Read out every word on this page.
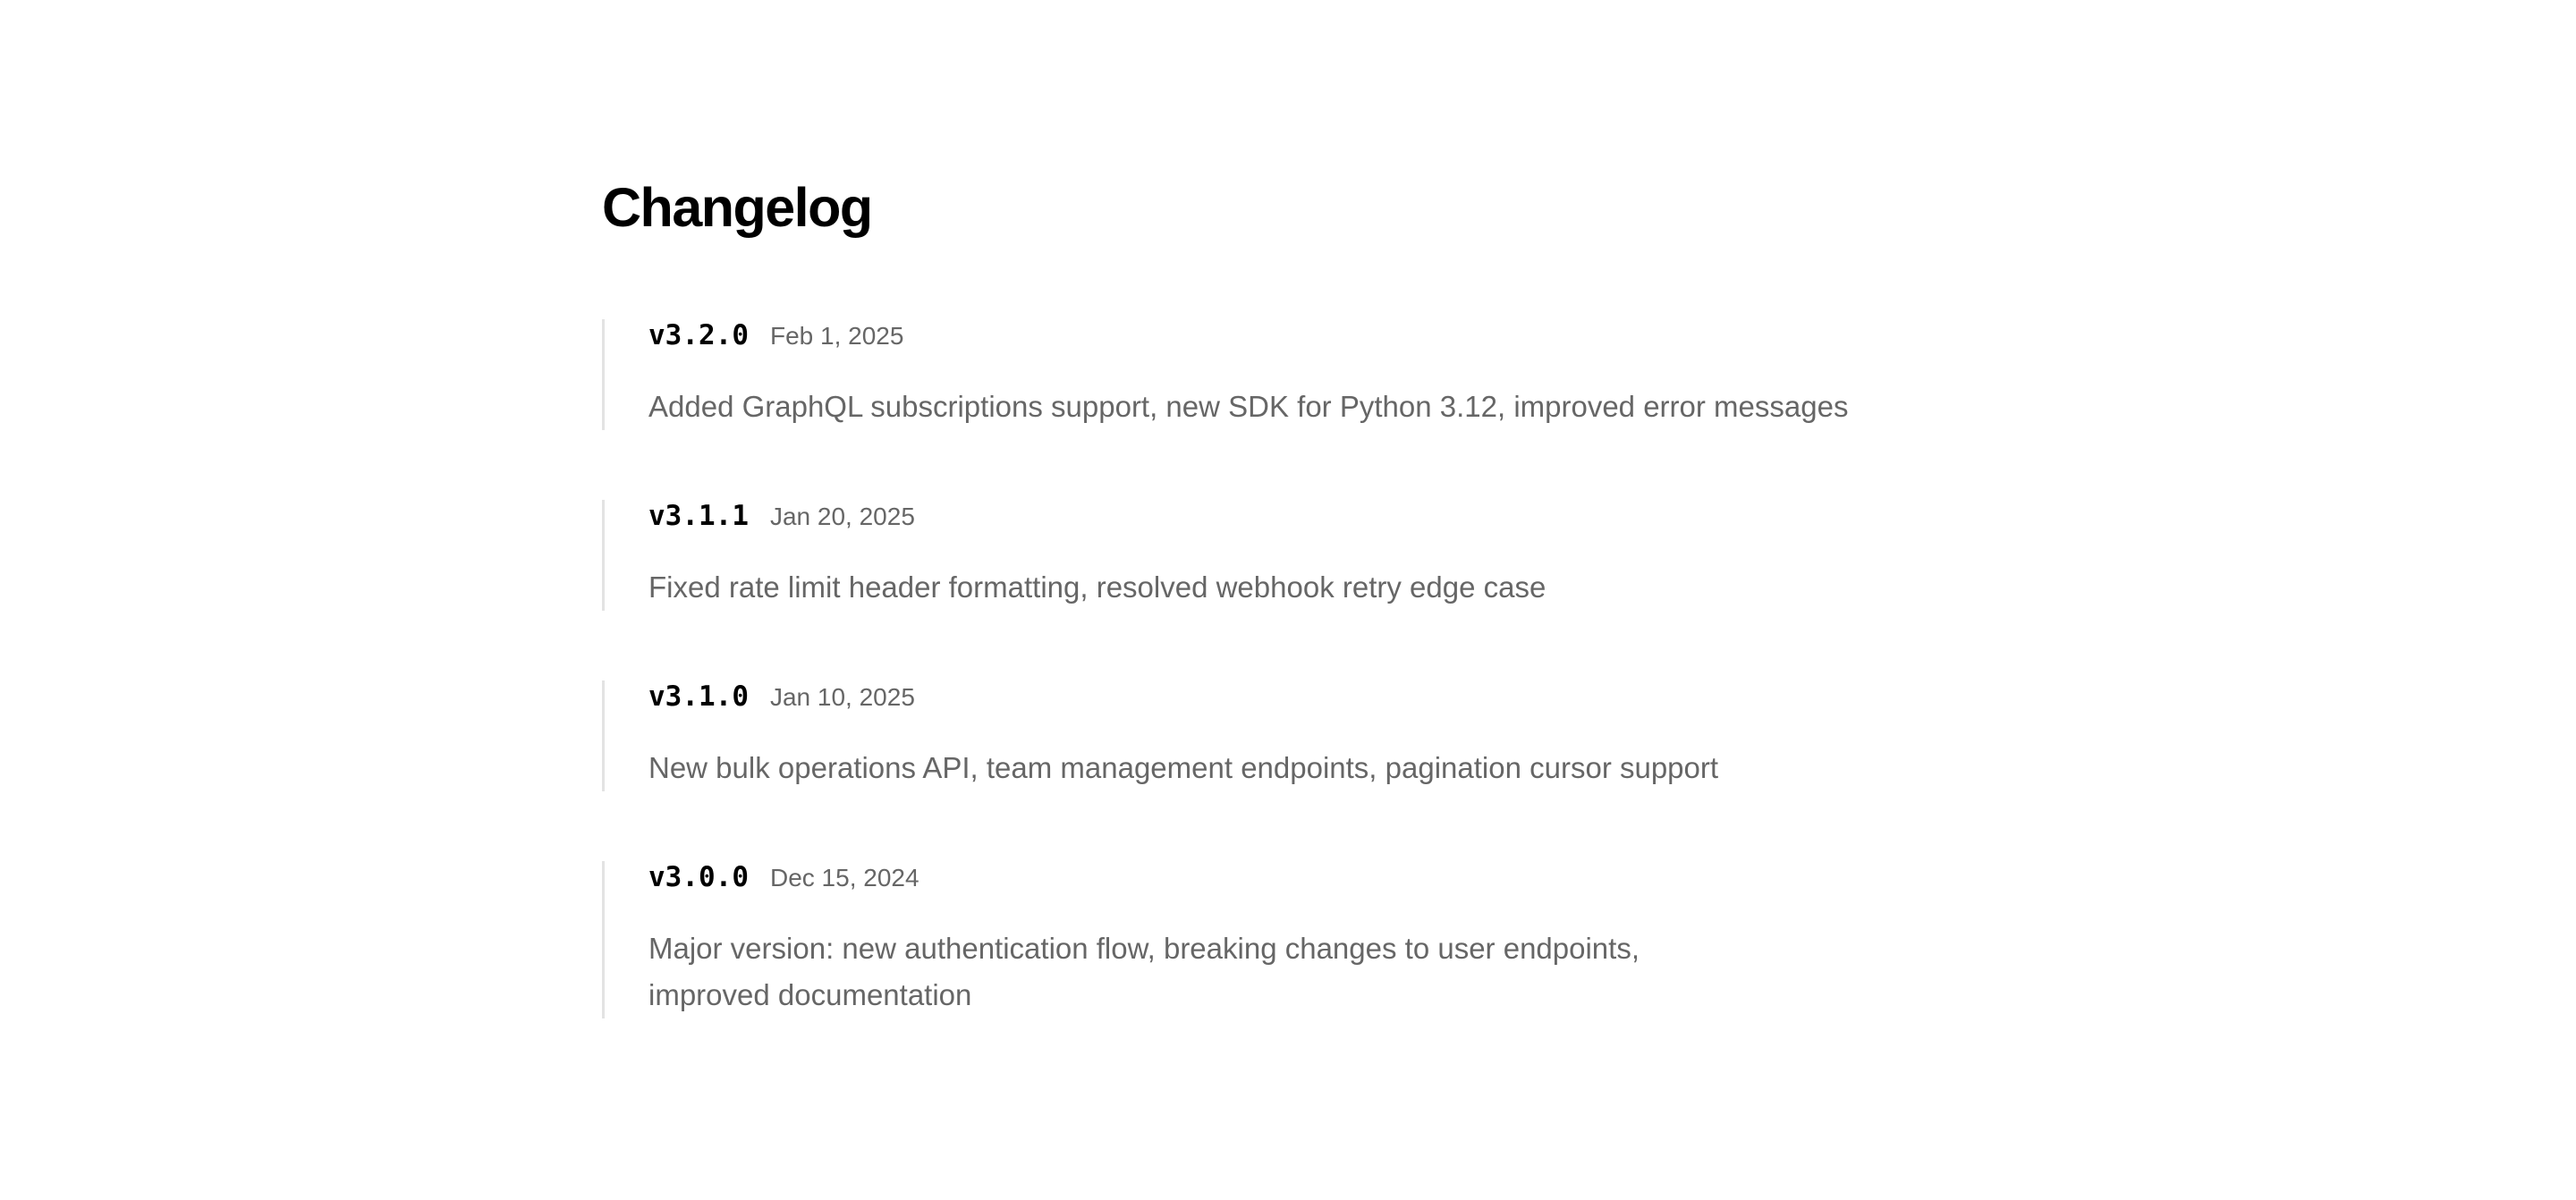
Changelog
v3.2.0 Feb 1, 2025
Added GraphQL subscriptions support, new SDK for Python 3.12, improved error messages
v3.1.1 Jan 20, 2025
Fixed rate limit header formatting, resolved webhook retry edge case
v3.1.0 Jan 10, 2025
New bulk operations API, team management endpoints, pagination cursor support
v3.0.0 Dec 15, 2024
Major version: new authentication flow, breaking changes to user endpoints, improved documentation
